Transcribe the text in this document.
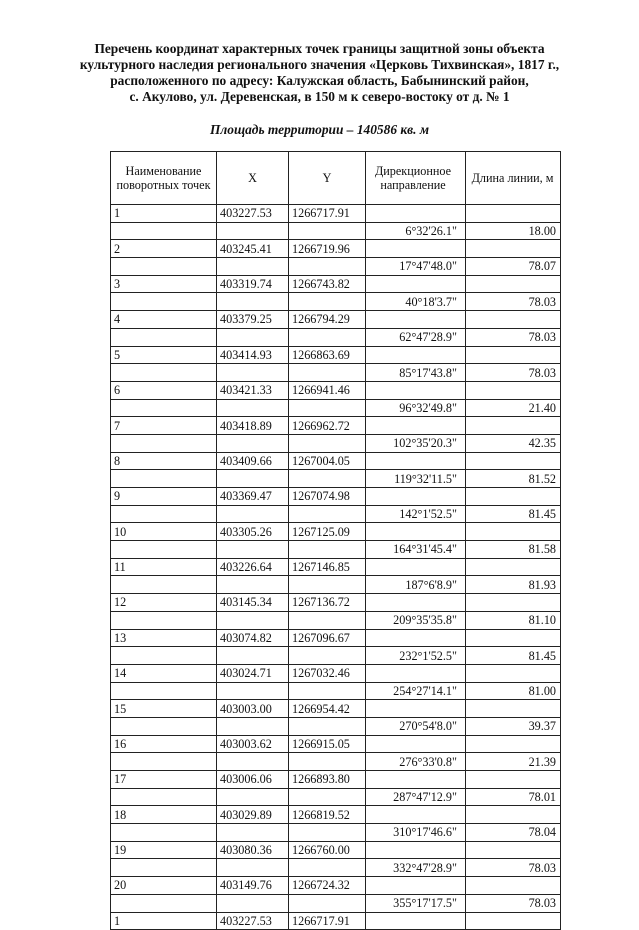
Перечень координат характерных точек границы защитной зоны объекта
культурного наследия регионального значения «Церковь Тихвинская», 1817 г.,
расположенного по адресу: Калужская область, Бабынинский район,
с. Акулово, ул. Деревенская, в 150 м к северо-востоку от д. № 1
Площадь территории – 140586 кв. м
Наименование поворотных точек	X	Y	Дирекционное направление	Длина линии, м
1	403227.53	1266717.91		
			6°32'26.1"	18.00
2	403245.41	1266719.96		
			17°47'48.0"	78.07
3	403319.74	1266743.82		
			40°18'3.7"	78.03
4	403379.25	1266794.29		
			62°47'28.9"	78.03
5	403414.93	1266863.69		
			85°17'43.8"	78.03
6	403421.33	1266941.46		
			96°32'49.8"	21.40
7	403418.89	1266962.72		
			102°35'20.3"	42.35
8	403409.66	1267004.05		
			119°32'11.5"	81.52
9	403369.47	1267074.98		
			142°1'52.5"	81.45
10	403305.26	1267125.09		
			164°31'45.4"	81.58
11	403226.64	1267146.85		
			187°6'8.9"	81.93
12	403145.34	1267136.72		
			209°35'35.8"	81.10
13	403074.82	1267096.67		
			232°1'52.5"	81.45
14	403024.71	1267032.46		
			254°27'14.1"	81.00
15	403003.00	1266954.42		
			270°54'8.0"	39.37
16	403003.62	1266915.05		
			276°33'0.8"	21.39
17	403006.06	1266893.80		
			287°47'12.9"	78.01
18	403029.89	1266819.52		
			310°17'46.6"	78.04
19	403080.36	1266760.00		
			332°47'28.9"	78.03
20	403149.76	1266724.32		
			355°17'17.5"	78.03
1	403227.53	1266717.91		
